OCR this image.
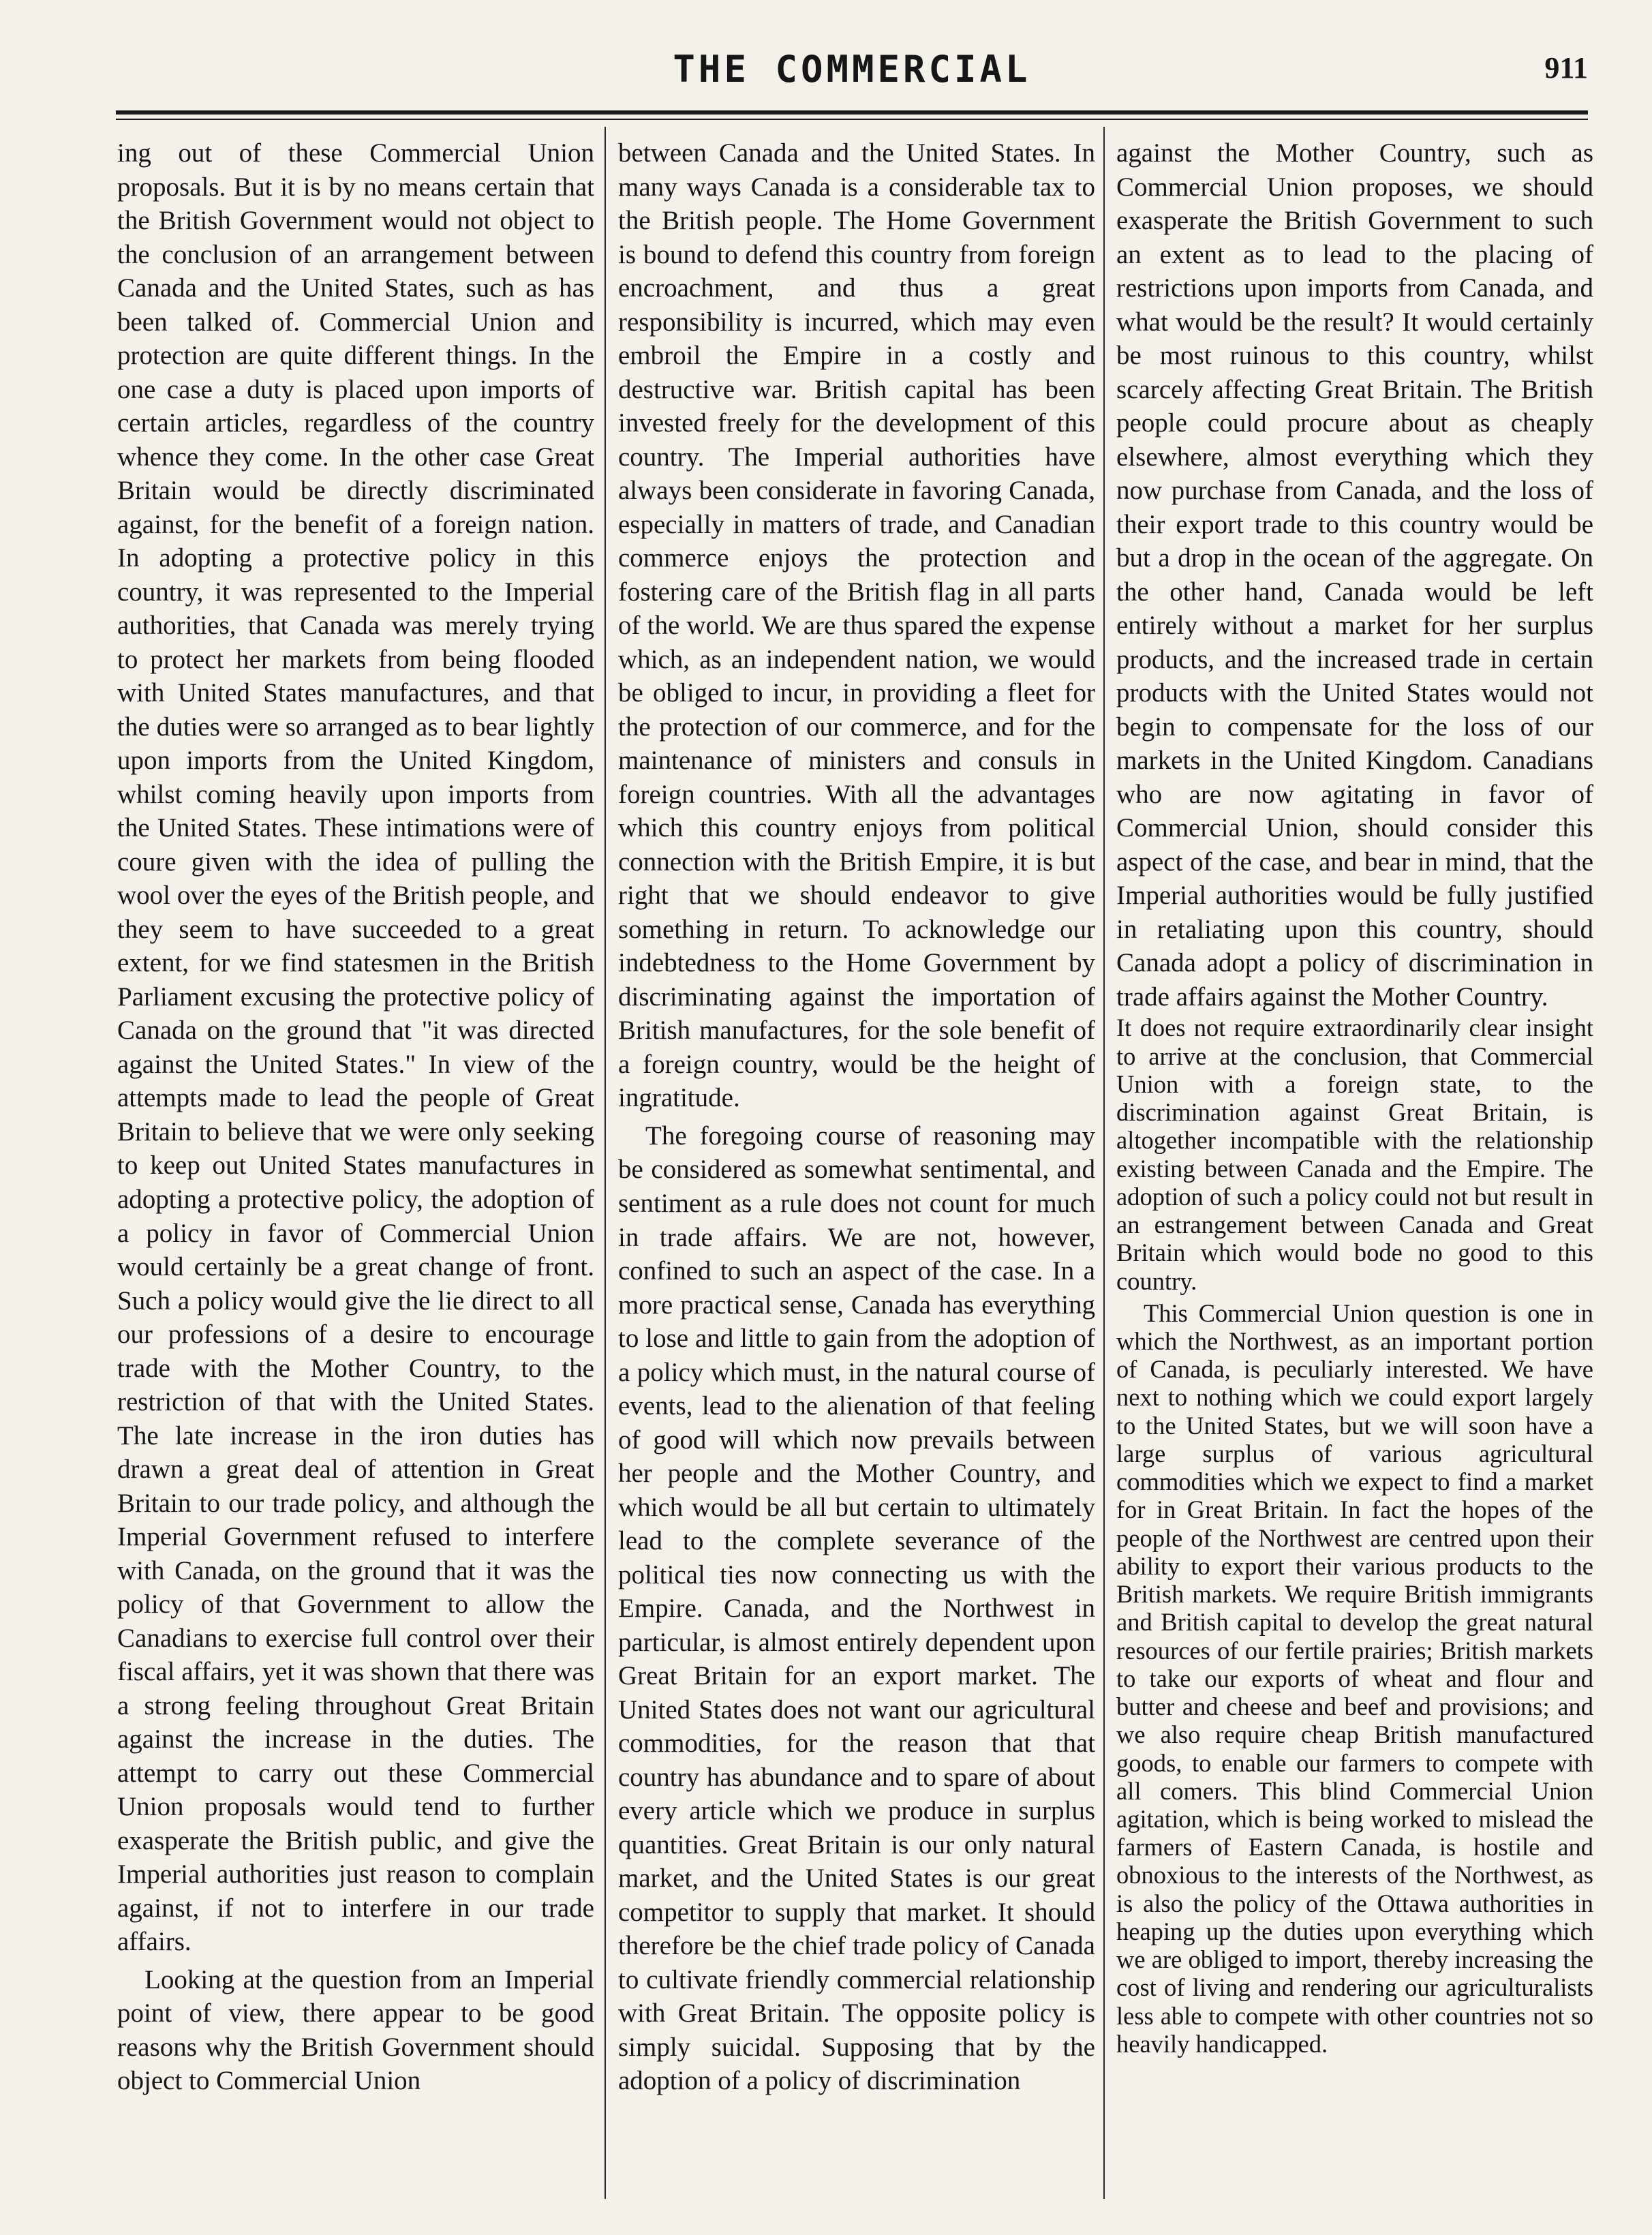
THE COMMERCIAL	911

ing out of these Commercial Union proposals. But it is by no means certain that the British Government would not object to the conclusion of an arrangement between Canada and the United States, such as has been talked of. Commercial Union and protection are quite different things. In the one case a duty is placed upon imports of certain articles, regardless of the country whence they come. In the other case Great Britain would be directly discriminated against, for the benefit of a foreign nation. In adopting a protective policy in this country, it was represented to the Imperial authorities, that Canada was merely trying to protect her markets from being flooded with United States manufactures, and that the duties were so arranged as to bear lightly upon imports from the United Kingdom, whilst coming heavily upon imports from the United States. These intimations were of coure given with the idea of pulling the wool over the eyes of the British people, and they seem to have succeeded to a great extent, for we find statesmen in the British Parliament excusing the protective policy of Canada on the ground that "it was directed against the United States." In view of the attempts made to lead the people of Great Britain to believe that we were only seeking to keep out United States manufactures in adopting a protective policy, the adoption of a policy in favor of Commercial Union would certainly be a great change of front. Such a policy would give the lie direct to all our professions of a desire to encourage trade with the Mother Country, to the restriction of that with the United States. The late increase in the iron duties has drawn a great deal of attention in Great Britain to our trade policy, and although the Imperial Government refused to interfere with Canada, on the ground that it was the policy of that Government to allow the Canadians to exercise full control over their fiscal affairs, yet it was shown that there was a strong feeling throughout Great Britain against the increase in the duties. The attempt to carry out these Commercial Union proposals would tend to further exasperate the British public, and give the Imperial authorities just reason to complain against, if not to interfere in our trade affairs.

Looking at the question from an Imperial point of view, there appear to be good reasons why the British Government should object to Commercial Union

between Canada and the United States. In many ways Canada is a considerable tax to the British people. The Home Government is bound to defend this country from foreign encroachment, and thus a great responsibility is incurred, which may even embroil the Empire in a costly and destructive war. British capital has been invested freely for the development of this country. The Imperial authorities have always been considerate in favoring Canada, especially in matters of trade, and Canadian commerce enjoys the protection and fostering care of the British flag in all parts of the world. We are thus spared the expense which, as an independent nation, we would be obliged to incur, in providing a fleet for the protection of our commerce, and for the maintenance of ministers and consuls in foreign countries. With all the advantages which this country enjoys from political connection with the British Empire, it is but right that we should endeavor to give something in return. To acknowledge our indebtedness to the Home Government by discriminating against the importation of British manufactures, for the sole benefit of a foreign country, would be the height of ingratitude.

The foregoing course of reasoning may be considered as somewhat sentimental, and sentiment as a rule does not count for much in trade affairs. We are not, however, confined to such an aspect of the case. In a more practical sense, Canada has everything to lose and little to gain from the adoption of a policy which must, in the natural course of events, lead to the alienation of that feeling of good will which now prevails between her people and the Mother Country, and which would be all but certain to ultimately lead to the complete severance of the political ties now connecting us with the Empire. Canada, and the Northwest in particular, is almost entirely dependent upon Great Britain for an export market. The United States does not want our agricultural commodities, for the reason that that country has abundance and to spare of about every article which we produce in surplus quantities. Great Britain is our only natural market, and the United States is our great competitor to supply that market. It should therefore be the chief trade policy of Canada to cultivate friendly commercial relationship with Great Britain. The opposite policy is simply suicidal. Supposing that by the adoption of a policy of discrimination

against the Mother Country, such as Commercial Union proposes, we should exasperate the British Government to such an extent as to lead to the placing of restrictions upon imports from Canada, and what would be the result? It would certainly be most ruinous to this country, whilst scarcely affecting Great Britain. The British people could procure about as cheaply elsewhere, almost everything which they now purchase from Canada, and the loss of their export trade to this country would be but a drop in the ocean of the aggregate. On the other hand, Canada would be left entirely without a market for her surplus products, and the increased trade in certain products with the United States would not begin to compensate for the loss of our markets in the United Kingdom. Canadians who are now agitating in favor of Commercial Union, should consider this aspect of the case, and bear in mind, that the Imperial authorities would be fully justified in retaliating upon this country, should Canada adopt a policy of discrimination in trade affairs against the Mother Country.

It does not require extraordinarily clear insight to arrive at the conclusion, that Commercial Union with a foreign state, to the discrimination against Great Britain, is altogether incompatible with the relationship existing between Canada and the Empire. The adoption of such a policy could not but result in an estrangement between Canada and Great Britain which would bode no good to this country.

This Commercial Union question is one in which the Northwest, as an important portion of Canada, is peculiarly interested. We have next to nothing which we could export largely to the United States, but we will soon have a large surplus of various agricultural commodities which we expect to find a market for in Great Britain. In fact the hopes of the people of the Northwest are centred upon their ability to export their various products to the British markets. We require British immigrants and British capital to develop the great natural resources of our fertile prairies; British markets to take our exports of wheat and flour and butter and cheese and beef and provisions; and we also require cheap British manufactured goods, to enable our farmers to compete with all comers. This blind Commercial Union agitation, which is being worked to mislead the farmers of Eastern Canada, is hostile and obnoxious to the interests of the Northwest, as is also the policy of the Ottawa authorities in heaping up the duties upon everything which we are obliged to import, thereby increasing the cost of living and rendering our agriculturalists less able to compete with other countries not so heavily handicapped.
